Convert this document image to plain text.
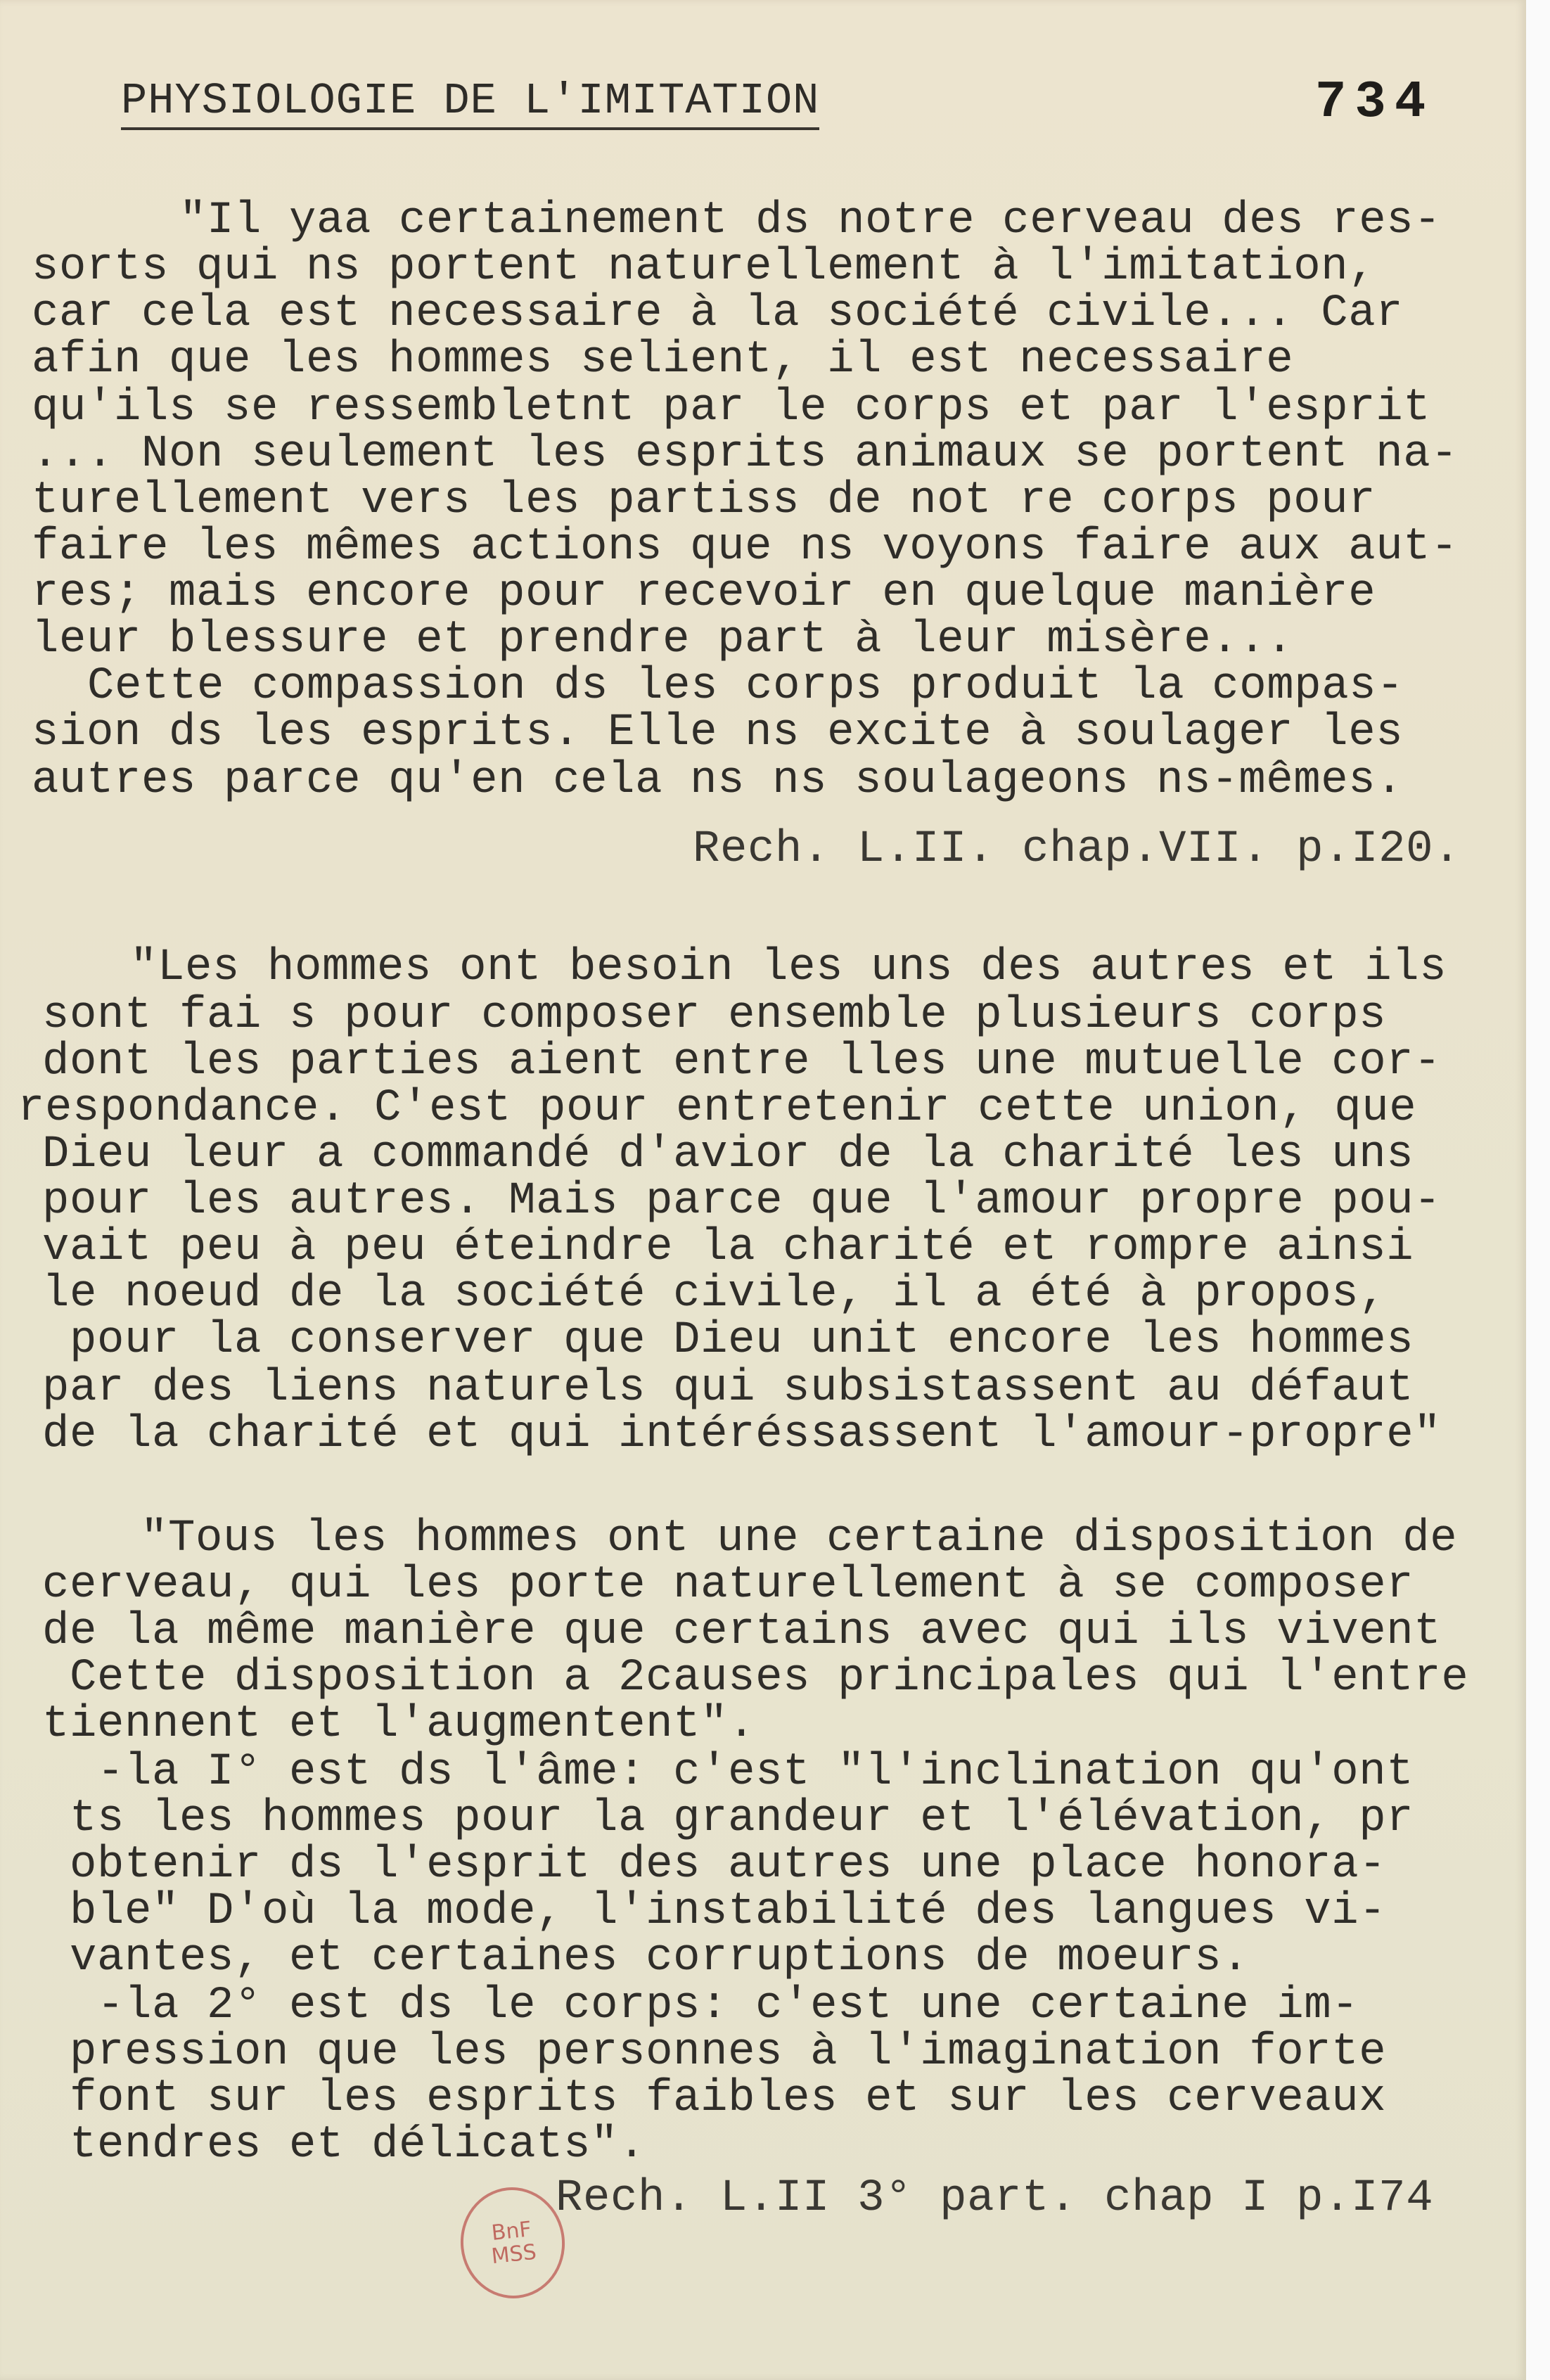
PHYSIOLOGIE DE L'IMITATION	734
"Il yaa certainement ds notre cerveau des res-
sorts qui ns portent naturellement à l'imitation,
car cela est necessaire à la société civile... Car
afin que les hommes selient, il est necessaire
qu'ils se ressembletnt par le corps et par l'esprit
... Non seulement les esprits animaux se portent na-
turellement vers les partiss de not re corps pour
faire les mêmes actions que ns voyons faire aux aut-
res; mais encore pour recevoir en quelque manière
leur blessure et prendre part à leur misère...
Cette compassion ds les corps produit la compas-
sion ds les esprits. Elle ns excite à soulager les
autres parce qu'en cela ns ns soulageons ns-mêmes.
Rech. L.II. chap.VII. p.I20.
"Les hommes ont besoin les uns des autres et ils
sont fai s pour composer ensemble plusieurs corps
dont les parties aient entre lles une mutuelle cor-
respondance. C'est pour entretenir cette union, que
Dieu leur a commandé d'avior de la charité les uns
pour les autres. Mais parce que l'amour propre pou-
vait peu à peu éteindre la charité et rompre ainsi
le noeud de la société civile, il a été à propos,
pour la conserver que Dieu unit encore les hommes
par des liens naturels qui subsistassent au défaut
de la charité et qui intéréssassent l'amour-propre"
"Tous les hommes ont une certaine disposition de
cerveau, qui les porte naturellement à se composer
de la même manière que certains avec qui ils vivent
Cette disposition a 2causes principales qui l'entre
tiennent et l'augmentent".
-la I° est ds l'âme: c'est "l'inclination qu'ont
ts les hommes pour la grandeur et l'élévation, pr
obtenir ds l'esprit des autres une place honora-
ble" D'où la mode, l'instabilité des langues vi-
vantes, et certaines corruptions de moeurs.
-la 2° est ds le corps: c'est une certaine im-
pression que les personnes à l'imagination forte
font sur les esprits faibles et sur les cerveaux
tendres et délicats".
Rech. L.II 3° part. chap I p.I74
BnF
MSS
